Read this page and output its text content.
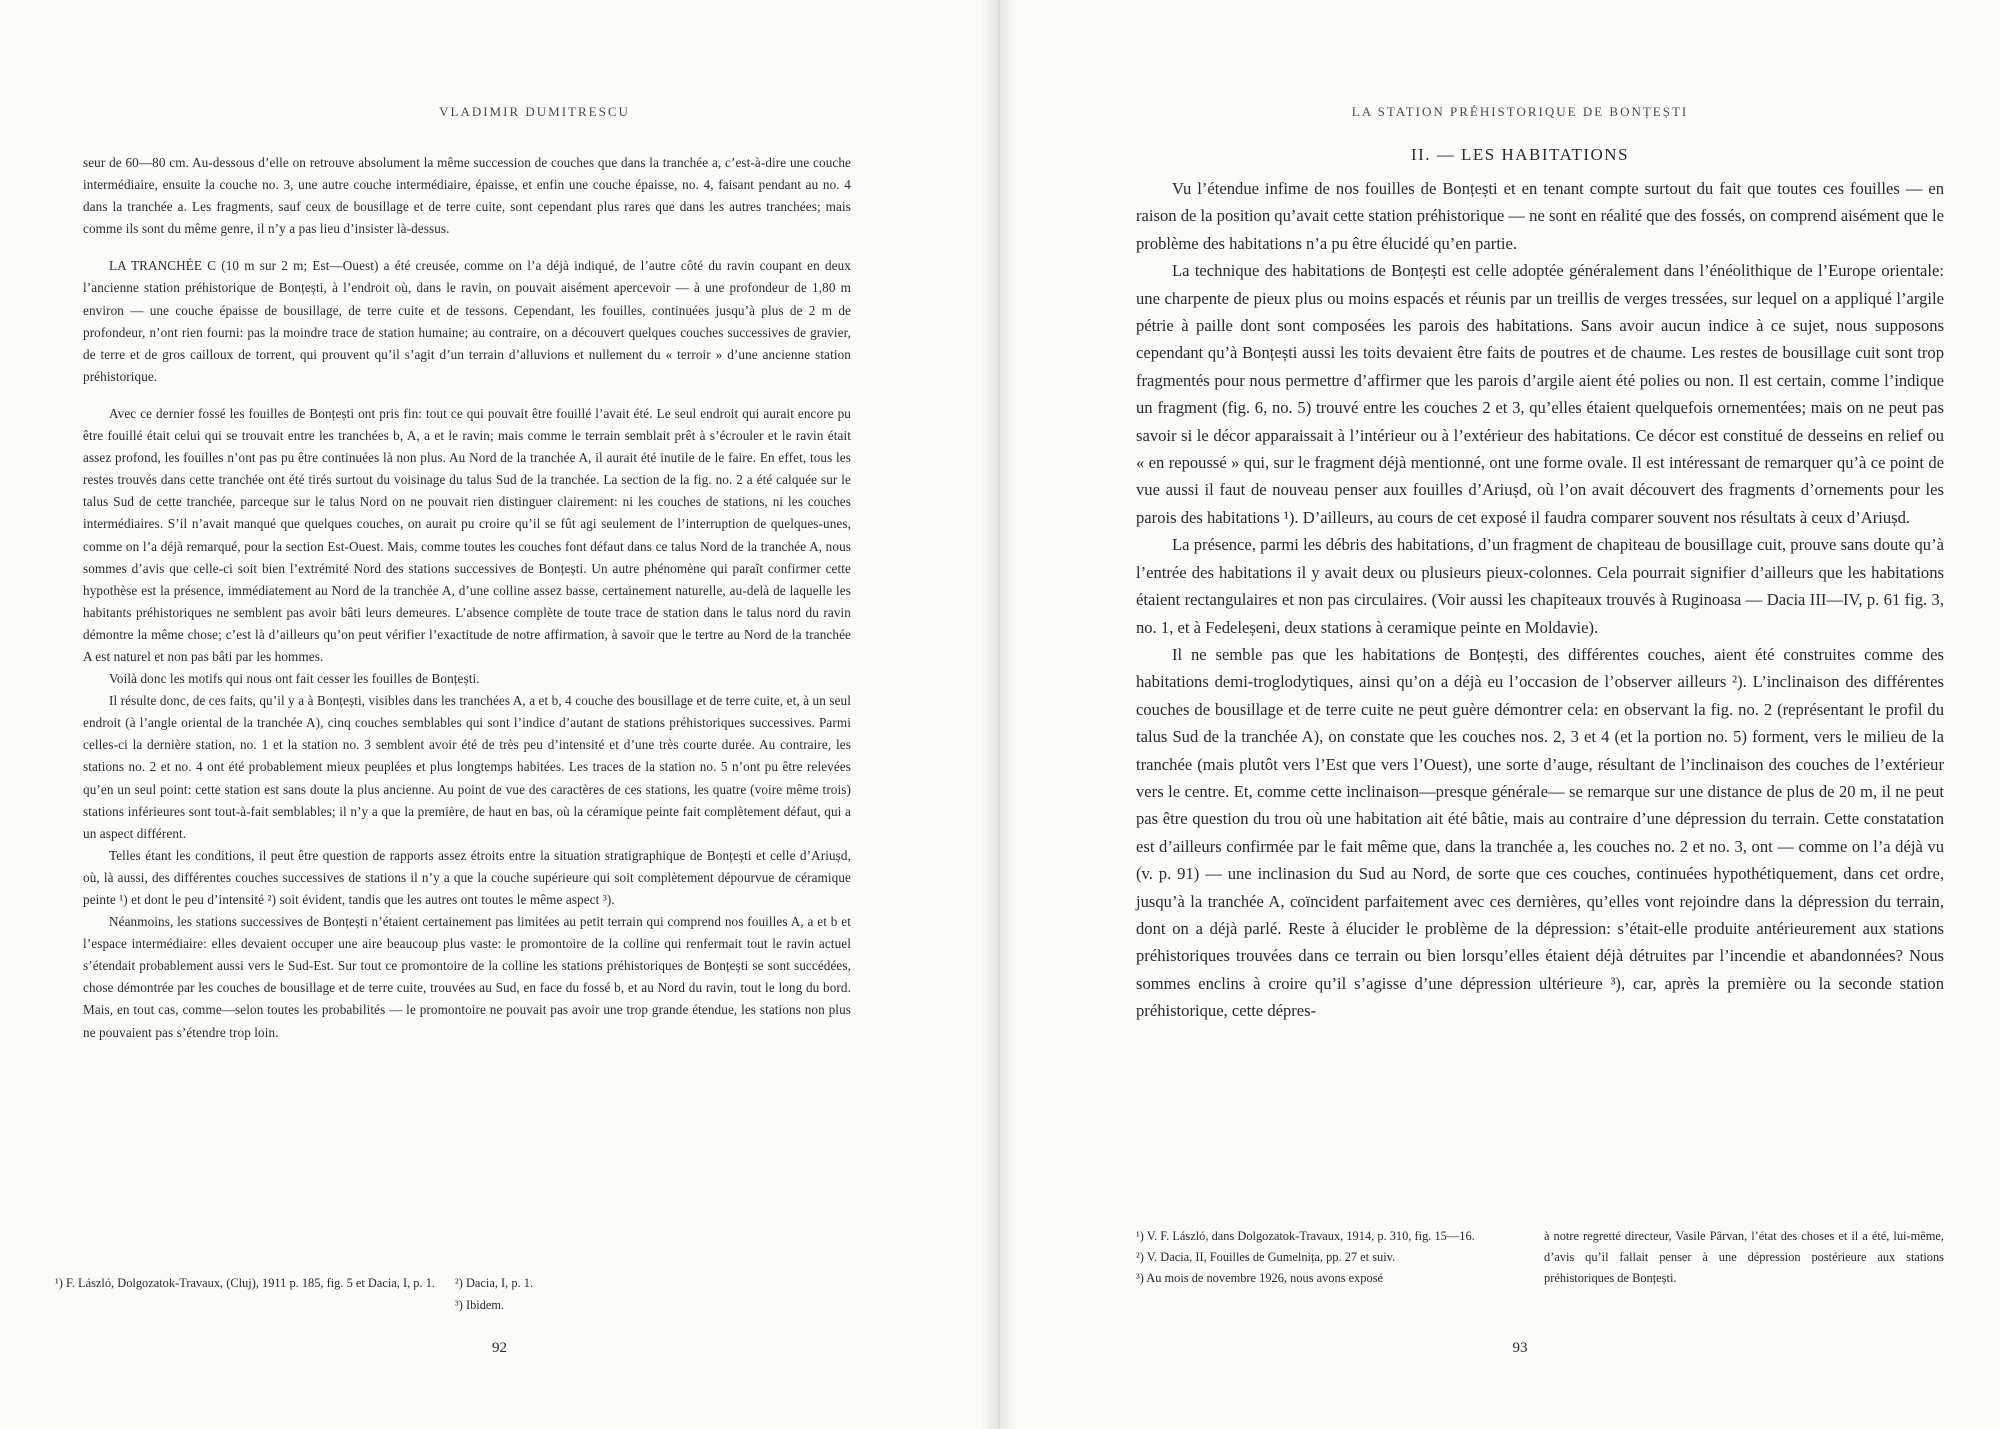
VLADIMIR DUMITRESCU

seur de 60—80 cm. Au-dessous d’elle on retrouve absolument la même succession de couches que dans la tranchée a, c’est-à-dire une couche intermédiaire, ensuite la couche no. 3, une autre couche intermédiaire, épaisse, et enfin une couche épaisse, no. 4, faisant pendant au no. 4 dans la tranchée a. Les fragments, sauf ceux de bousillage et de terre cuite, sont cependant plus rares que dans les autres tranchées; mais comme ils sont du même genre, il n’y a pas lieu d’insister là-dessus.

LA TRANCHÉE C (10 m sur 2 m; Est—Ouest) a été creusée, comme on l’a déjà indiqué, de l’autre côté du ravin coupant en deux l’ancienne station préhistorique de Bonțești, à l’endroit où, dans le ravin, on pouvait aisément apercevoir — à une profondeur de 1,80 m environ — une couche épaisse de bousillage, de terre cuite et de tessons. Cependant, les fouilles, continuées jusqu’à plus de 2 m de profondeur, n’ont rien fourni: pas la moindre trace de station humaine; au contraire, on a découvert quelques couches successives de gravier, de terre et de gros cailloux de torrent, qui prouvent qu’il s’agit d’un terrain d’alluvions et nullement du « terroir » d’une ancienne station préhistorique.

Avec ce dernier fossé les fouilles de Bonțești ont pris fin: tout ce qui pouvait être fouillé l’avait été. Le seul endroit qui aurait encore pu être fouillé était celui qui se trouvait entre les tranchées b, A, a et le ravin; mais comme le terrain semblait prêt à s’écrouler et le ravin était assez profond, les fouilles n’ont pas pu être continuées là non plus. Au Nord de la tranchée A, il aurait été inutile de le faire. En effet, tous les restes trouvés dans cette tranchée ont été tirés surtout du voisinage du talus Sud de la tranchée. La section de la fig. no. 2 a été calquée sur le talus Sud de cette tranchée, parceque sur le talus Nord on ne pouvait rien distinguer clairement: ni les couches de stations, ni les couches intermédiaires. S’il n’avait manqué que quelques couches, on aurait pu croire qu’il se fût agi seulement de l’interruption de quelques-unes, comme on l’a déjà remarqué, pour la section Est-Ouest. Mais, comme toutes les couches font défaut dans ce talus Nord de la tranchée A, nous sommes d’avis que celle-ci soit bien l’extrémité Nord des stations successives de Bonțești. Un autre phénomène qui paraît confirmer cette hypothèse est la présence, immédiatement au Nord de la tranchée A, d’une colline assez basse, certainement naturelle, au-delà de laquelle les habitants préhistoriques ne semblent pas avoir bâti leurs demeures. L’absence complète de toute trace de station dans le talus nord du ravin démontre la même chose; c’est là d’ailleurs qu’on peut vérifier l’exactitude de notre affirmation, à savoir que le tertre au Nord de la tranchée A est naturel et non pas bâti par les hommes.

Voilà donc les motifs qui nous ont fait cesser les fouilles de Bonțești.

Il résulte donc, de ces faits, qu’il y a à Bonțești, visibles dans les tranchées A, a et b, 4 couche des bousillage et de terre cuite, et, à un seul endroit (à l’angle oriental de la tranchée A), cinq couches semblables qui sont l’indice d’autant de stations préhistoriques successives. Parmi celles-ci la dernière station, no. 1 et la station no. 3 semblent avoir été de très peu d’intensité et d’une très courte durée. Au contraire, les stations no. 2 et no. 4 ont été probablement mieux peuplées et plus longtemps habitées. Les traces de la station no. 5 n’ont pu être relevées qu’en un seul point: cette station est sans doute la plus ancienne. Au point de vue des caractères de ces stations, les quatre (voire même trois) stations inférieures sont tout-à-fait semblables; il n’y a que la première, de haut en bas, où la céramique peinte fait complètement défaut, qui a un aspect différent.

Telles étant les conditions, il peut être question de rapports assez étroits entre la situation stratigraphique de Bonțești et celle d’Ariușd, où, là aussi, des différentes couches successives de stations il n’y a que la couche supérieure qui soit complètement dépourvue de céramique peinte ¹) et dont le peu d’intensité ²) soit évident, tandis que les autres ont toutes le même aspect ³).

Néanmoins, les stations successives de Bonțești n’étaient certainement pas limitées au petit terrain qui comprend nos fouilles A, a et b et l’espace intermédiaire: elles devaient occuper une aire beaucoup plus vaste: le promontoire de la colline qui renfermait tout le ravin actuel s’étendait probablement aussi vers le Sud-Est. Sur tout ce promontoire de la colline les stations préhistoriques de Bonțești se sont succédées, chose démontrée par les couches de bousillage et de terre cuite, trouvées au Sud, en face du fossé b, et au Nord du ravin, tout le long du bord. Mais, en tout cas, comme—selon toutes les probabilités — le promontoire ne pouvait pas avoir une trop grande étendue, les stations non plus ne pouvaient pas s’étendre trop loin.

¹) F. László, Dolgozatok-Travaux, (Cluj), 1911 p. 185, fig. 5 et Dacia, I, p. 1.	²) Dacia, I, p. 1.
³) Ibidem.
92
LA STATION PRÉHISTORIQUE DE BONȚEȘTI
II. — LES HABITATIONS

Vu l’étendue infime de nos fouilles de Bonțești et en tenant compte surtout du fait que toutes ces fouilles — en raison de la position qu’avait cette station préhistorique — ne sont en réalité que des fossés, on comprend aisément que le problème des habitations n’a pu être élucidé qu’en partie.

La technique des habitations de Bonțești est celle adoptée généralement dans l’énéolithique de l’Europe orientale: une charpente de pieux plus ou moins espacés et réunis par un treillis de verges tressées, sur lequel on a appliqué l’argile pétrie à paille dont sont composées les parois des habitations. Sans avoir aucun indice à ce sujet, nous supposons cependant qu’à Bonțești aussi les toits devaient être faits de poutres et de chaume. Les restes de bousillage cuit sont trop fragmentés pour nous permettre d’affirmer que les parois d’argile aient été polies ou non. Il est certain, comme l’indique un fragment (fig. 6, no. 5) trouvé entre les couches 2 et 3, qu’elles étaient quelquefois ornementées; mais on ne peut pas savoir si le décor apparaissait à l’intérieur ou à l’extérieur des habitations. Ce décor est constitué de desseins en relief ou « en repoussé » qui, sur le fragment déjà mentionné, ont une forme ovale. Il est intéressant de remarquer qu’à ce point de vue aussi il faut de nouveau penser aux fouilles d’Ariușd, où l’on avait découvert des fragments d’ornements pour les parois des habitations ¹). D’ailleurs, au cours de cet exposé il faudra comparer souvent nos résultats à ceux d’Ariușd.

La présence, parmi les débris des habitations, d’un fragment de chapiteau de bousillage cuit, prouve sans doute qu’à l’entrée des habitations il y avait deux ou plusieurs pieux-colonnes. Cela pourrait signifier d’ailleurs que les habitations étaient rectangulaires et non pas circulaires. (Voir aussi les chapiteaux trouvés à Ruginoasa — Dacia III—IV, p. 61 fig. 3, no. 1, et à Fedeleșeni, deux stations à ceramique peinte en Moldavie).

Il ne semble pas que les habitations de Bonțești, des différentes couches, aient été construites comme des habitations demi-troglodytiques, ainsi qu’on a déjà eu l’occasion de l’observer ailleurs ²). L’inclinaison des différentes couches de bousillage et de terre cuite ne peut guère démontrer cela: en observant la fig. no. 2 (représentant le profil du talus Sud de la tranchée A), on constate que les couches nos. 2, 3 et 4 (et la portion no. 5) forment, vers le milieu de la tranchée (mais plutôt vers l’Est que vers l’Ouest), une sorte d’auge, résultant de l’inclinaison des couches de l’extérieur vers le centre. Et, comme cette inclinaison—presque générale— se remarque sur une distance de plus de 20 m, il ne peut pas être question du trou où une habitation ait été bâtie, mais au contraire d’une dépression du terrain. Cette constatation est d’ailleurs confirmée par le fait même que, dans la tranchée a, les couches no. 2 et no. 3, ont — comme on l’a déjà vu (v. p. 91) — une inclinasion du Sud au Nord, de sorte que ces couches, continuées hypothétiquement, dans cet ordre, jusqu’à la tranchée A, coïncident parfaitement avec ces dernières, qu’elles vont rejoindre dans la dépression du terrain, dont on a déjà parlé. Reste à élucider le problème de la dépression: s’était-elle produite antérieurement aux stations préhistoriques trouvées dans ce terrain ou bien lorsqu’elles étaient déjà détruites par l’incendie et abandonnées? Nous sommes enclins à croire qu’il s’agisse d’une dépression ultérieure ³), car, après la première ou la seconde station préhistorique, cette dépres-

¹) V. F. László, dans Dolgozatok-Travaux, 1914, p. 310, fig. 15—16.
²) V. Dacia, II, Fouilles de Gumelnița, pp. 27 et suiv.
³) Au mois de novembre 1926, nous avons exposé
à notre regretté directeur, Vasile Pârvan, l’état des choses et il a été, lui-même, d’avis qu’il fallait penser à une dépression postérieure aux stations préhistoriques de Bonțești.
93
